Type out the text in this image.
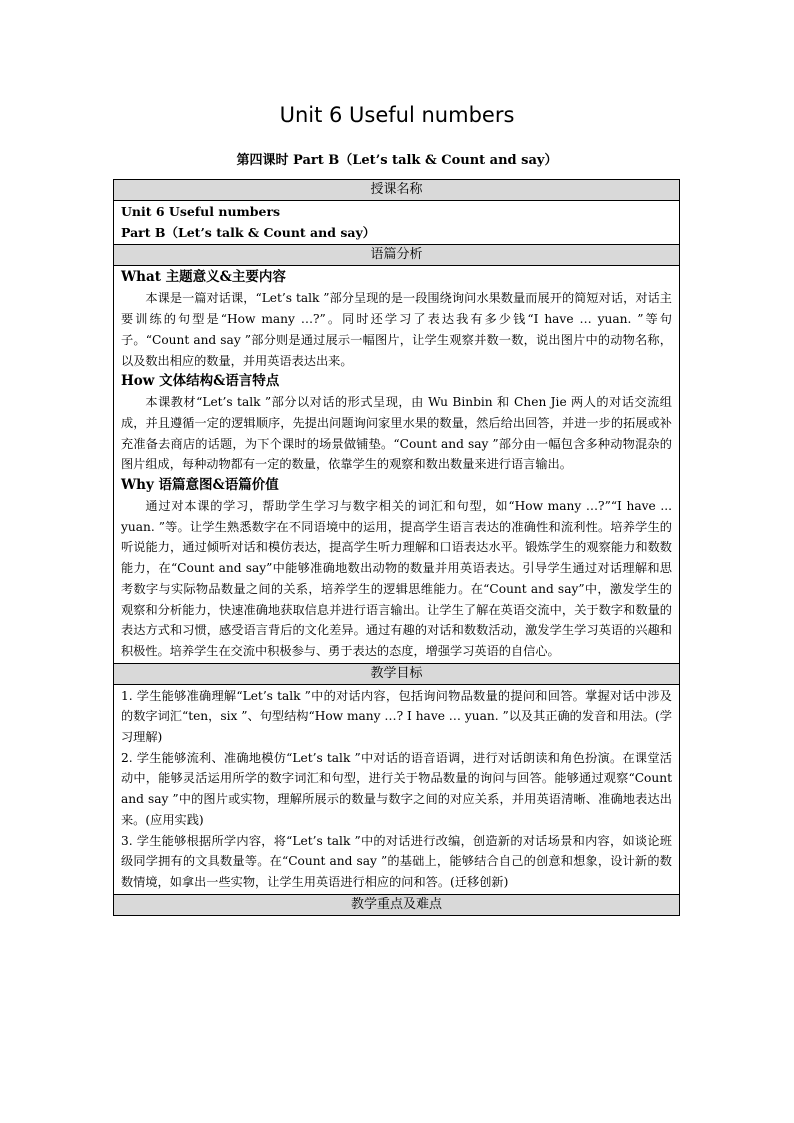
Unit 6 Useful numbers
第四课时 Part B（Let’s talk & Count and say）
授课名称

Unit 6 Useful numbers
Part B（Let’s talk & Count and say）

语篇分析

What 主题意义&主要内容

本课是一篇对话课，“Let’s talk ”部分呈现的是一段围绕询问水果数量而展开的简短对话，对话主要训练的句型是“How many …?”。同时还学习了表达我有多少钱“I have … yuan. ”等句子。“Count and say ”部分则是通过展示一幅图片，让学生观察并数一数，说出图片中的动物名称，以及数出相应的数量，并用英语表达出来。

How 文体结构&语言特点

本课教材“Let’s talk ”部分以对话的形式呈现，由 Wu Binbin 和 Chen Jie 两人的对话交流组成，并且遵循一定的逻辑顺序，先提出问题询问家里水果的数量，然后给出回答，并进一步的拓展或补充准备去商店的话题，为下个课时的场景做铺垫。“Count and say ”部分由一幅包含多种动物混杂的图片组成，每种动物都有一定的数量，依靠学生的观察和数出数量来进行语言输出。

Why 语篇意图&语篇价值

通过对本课的学习，帮助学生学习与数字相关的词汇和句型，如“How many …?”“I have ... yuan. ”等。让学生熟悉数字在不同语境中的运用，提高学生语言表达的准确性和流利性。培养学生的听说能力，通过倾听对话和模仿表达，提高学生听力理解和口语表达水平。锻炼学生的观察能力和数数能力，在“Count and say”中能够准确地数出动物的数量并用英语表达。引导学生通过对话理解和思考数字与实际物品数量之间的关系，培养学生的逻辑思维能力。在“Count and say”中，激发学生的观察和分析能力，快速准确地获取信息并进行语言输出。让学生了解在英语交流中，关于数字和数量的表达方式和习惯，感受语言背后的文化差异。通过有趣的对话和数数活动，激发学生学习英语的兴趣和积极性。培养学生在交流中积极参与、勇于表达的态度，增强学习英语的自信心。

教学目标

1. 学生能够准确理解“Let’s talk ”中的对话内容，包括询问物品数量的提问和回答。掌握对话中涉及的数字词汇“ten，six ”、句型结构“How many …? I have … yuan. ”以及其正确的发音和用法。(学习理解)

2. 学生能够流利、准确地模仿“Let’s talk ”中对话的语音语调，进行对话朗读和角色扮演。在课堂活动中，能够灵活运用所学的数字词汇和句型，进行关于物品数量的询问与回答。能够通过观察“Count and say ”中的图片或实物，理解所展示的数量与数字之间的对应关系，并用英语清晰、准确地表达出来。(应用实践)

3. 学生能够根据所学内容，将“Let’s talk ”中的对话进行改编，创造新的对话场景和内容，如谈论班级同学拥有的文具数量等。在“Count and say ”的基础上，能够结合自己的创意和想象，设计新的数数情境，如拿出一些实物，让学生用英语进行相应的问和答。(迁移创新)

教学重点及难点
